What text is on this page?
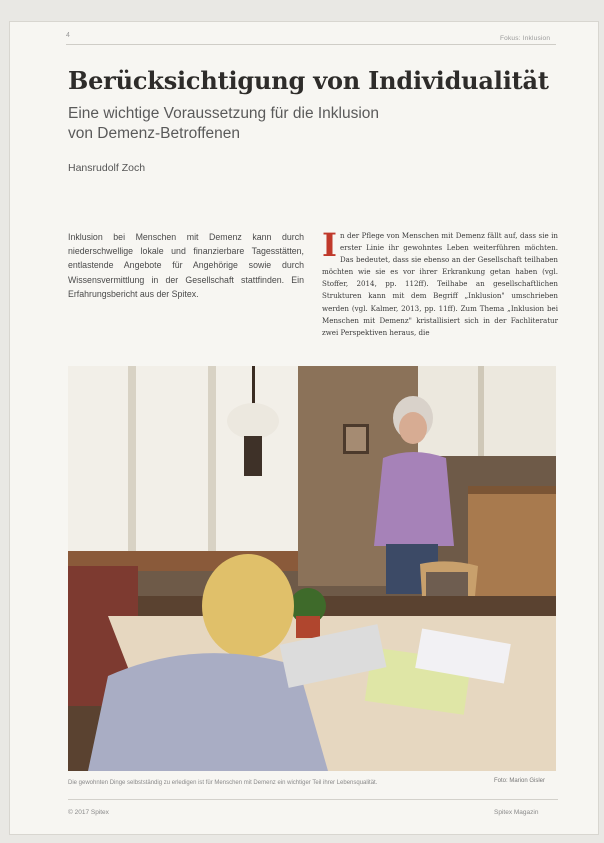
4	Fokus: Inklusion
Berücksichtigung von Individualität
Eine wichtige Voraussetzung für die Inklusion
von Demenz-Betroffenen
Hansrudolf Zoch
Inklusion bei Menschen mit Demenz kann durch niederschwellige lokale und finanzierbare Tagesstätten, entlastende Angebote für Angehörige sowie durch Wissensvermittlung in der Gesellschaft stattfinden. Ein Erfahrungsbericht aus der Spitex.
In der Pflege von Menschen mit Demenz fällt auf, dass sie in erster Linie ihr gewohntes Leben weiterführen möchten. Das bedeutet, dass sie ebenso an der Gesellschaft teilhaben möchten wie sie es vor ihrer Erkrankung getan haben (vgl. Stoffer, 2014, pp. 112ff). Teilhabe an gesellschaftlichen Strukturen kann mit dem Begriff „Inklusion" umschrieben werden (vgl. Kalmer, 2013, pp. 11ff). Zum Thema „Inklusion bei Menschen mit Demenz" kristallisiert sich in der Fachliteratur zwei Perspektiven heraus, die
Die gewohnten Dinge selbstständig zu erledigen ist für Menschen mit Demenz ein wichtiger Teil ihrer Lebensqualität.	Foto: Marion Gisler
© 2017 Spitex	Spitex Magazin
